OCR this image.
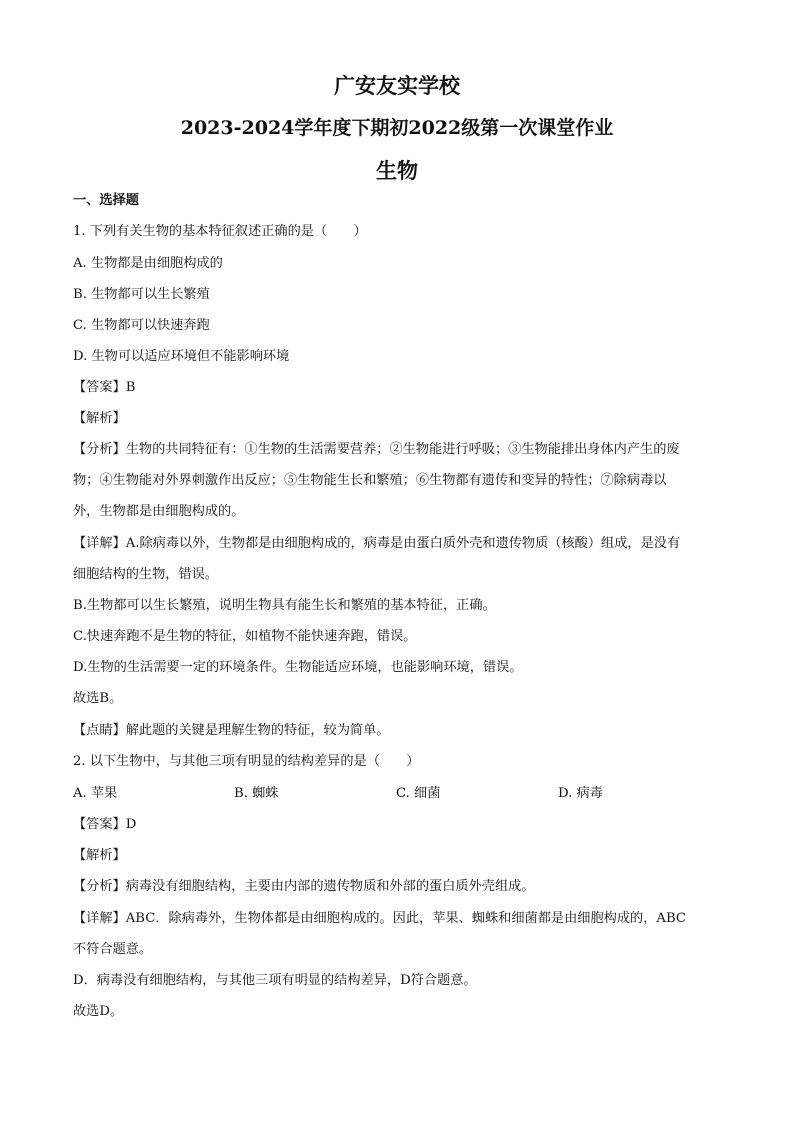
广安友实学校
2023-2024学年度下期初2022级第一次课堂作业
生物
一、选择题
1. 下列有关生物的基本特征叙述正确的是（　　）
A. 生物都是由细胞构成的
B. 生物都可以生长繁殖
C. 生物都可以快速奔跑
D. 生物可以适应环境但不能影响环境
【答案】B
【解析】
【分析】生物的共同特征有：①生物的生活需要营养；②生物能进行呼吸；③生物能排出身体内产生的废
物；④生物能对外界刺激作出反应；⑤生物能生长和繁殖；⑥生物都有遗传和变异的特性；⑦除病毒以
外，生物都是由细胞构成的。
【详解】A.除病毒以外，生物都是由细胞构成的，病毒是由蛋白质外壳和遗传物质（核酸）组成，是没有
细胞结构的生物，错误。
B.生物都可以生长繁殖，说明生物具有能生长和繁殖的基本特征，正确。
C.快速奔跑不是生物的特征，如植物不能快速奔跑，错误。
D.生物的生活需要一定的环境条件。生物能适应环境，也能影响环境，错误。
故选B。
【点睛】解此题的关键是理解生物的特征，较为简单。
2. 以下生物中，与其他三项有明显的结构差异的是（　　）
A. 苹果	B. 蜘蛛	C. 细菌	D. 病毒
【答案】D
【解析】
【分析】病毒没有细胞结构，主要由内部的遗传物质和外部的蛋白质外壳组成。
【详解】ABC．除病毒外，生物体都是由细胞构成的。因此，苹果、蜘蛛和细菌都是由细胞构成的，ABC
不符合题意。
D．病毒没有细胞结构，与其他三项有明显的结构差异，D符合题意。
故选D。
